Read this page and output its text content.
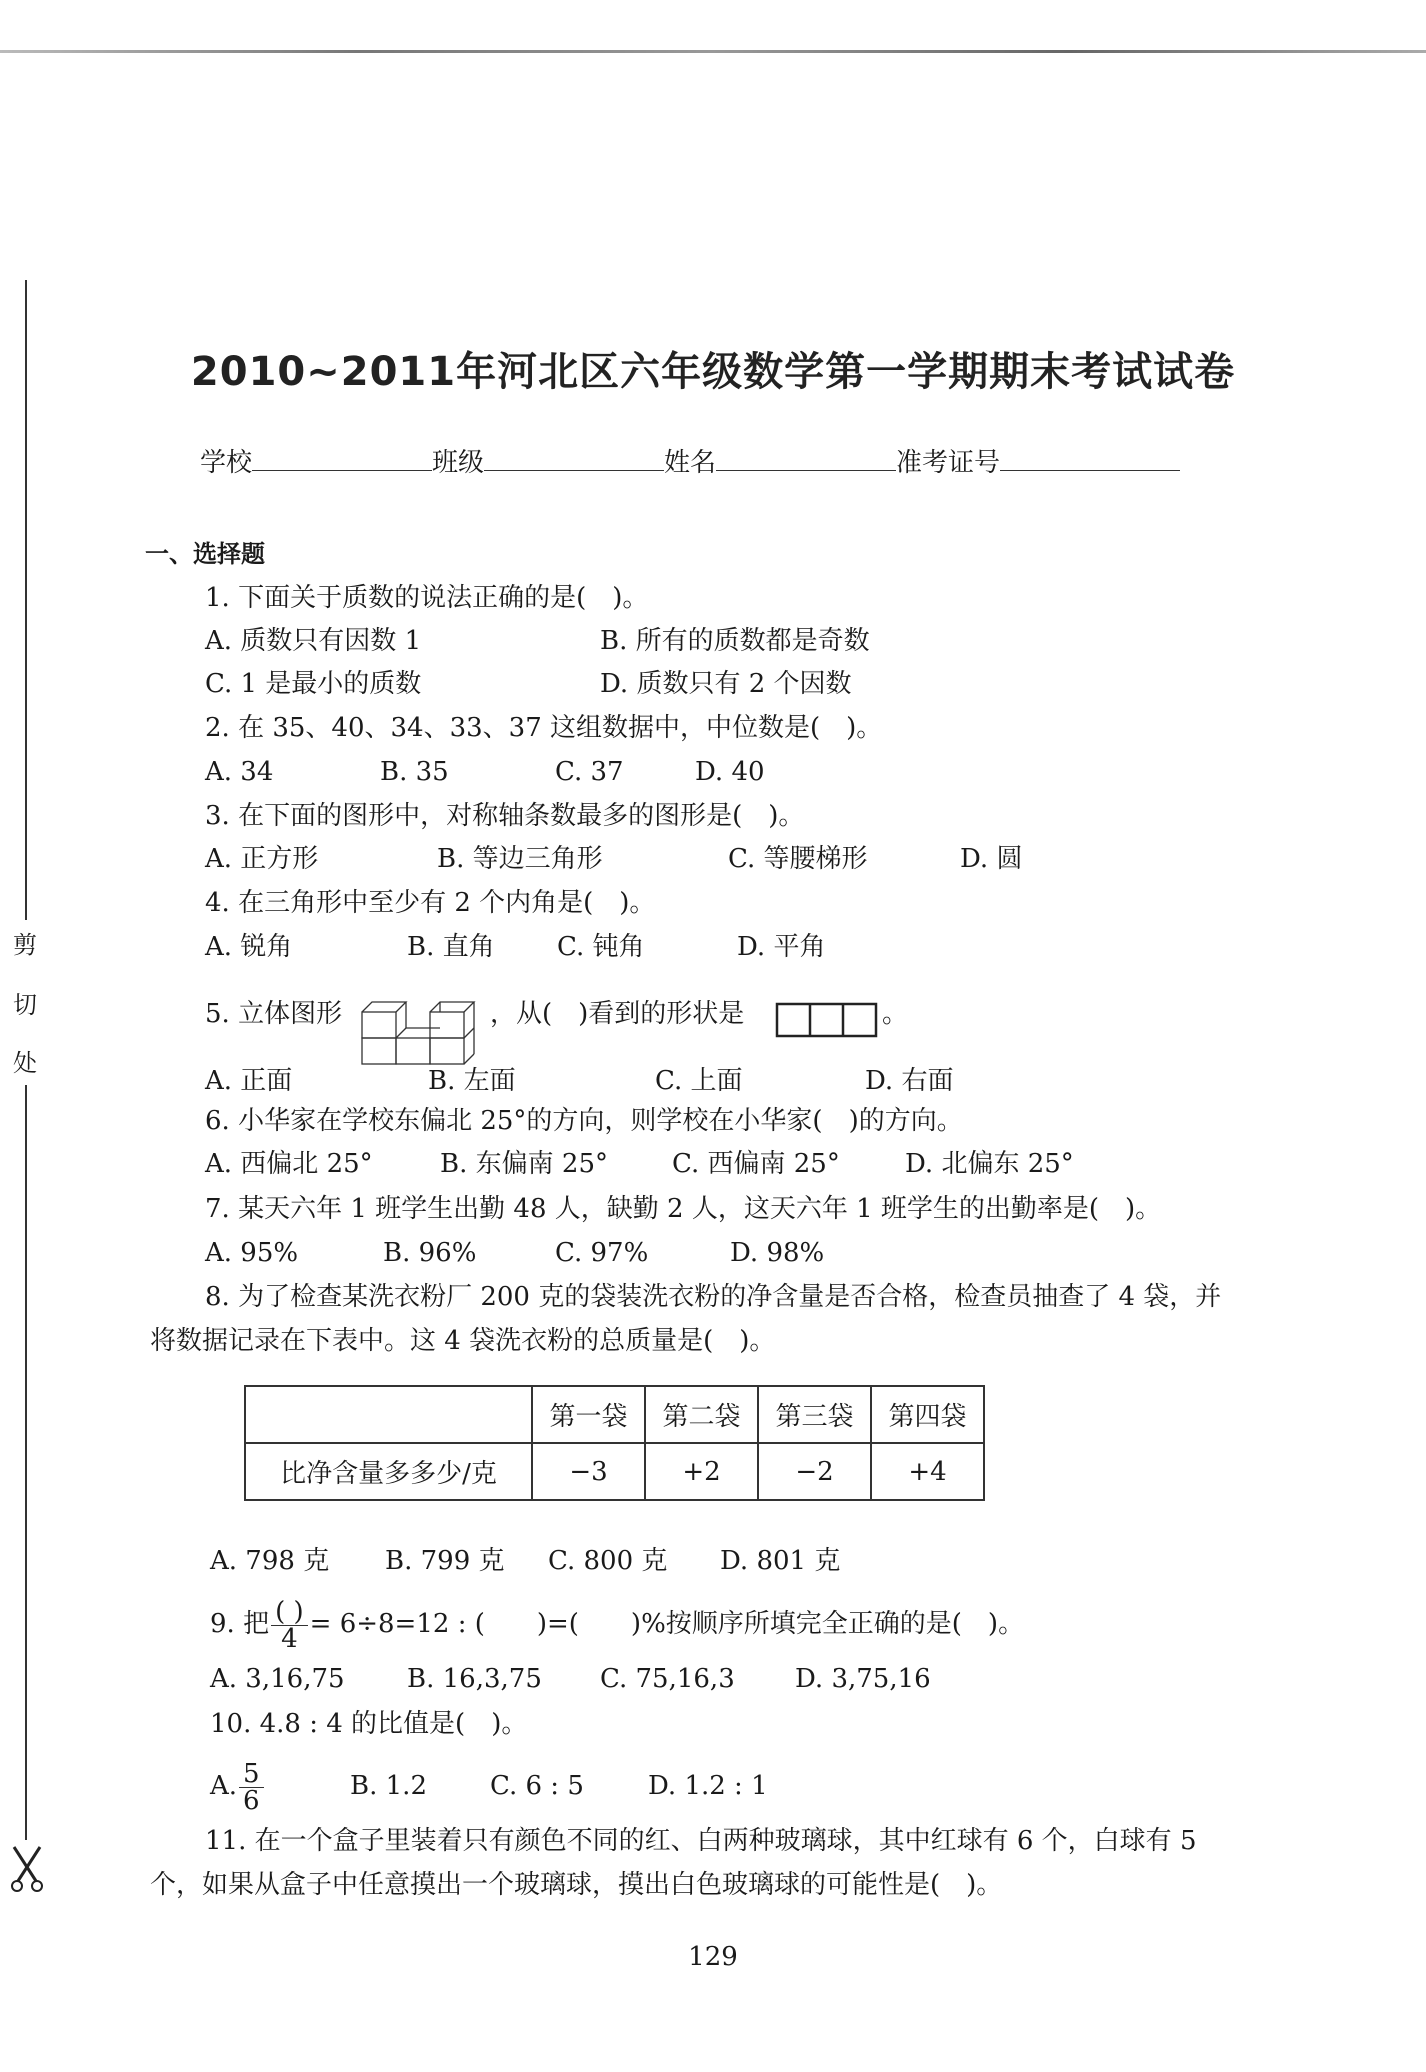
剪
切
处
2010~2011年河北区六年级数学第一学期期末考试试卷
学校	班级	姓名	准考证号
一、选择题
1. 下面关于质数的说法正确的是(　)。
A. 质数只有因数 1	B. 所有的质数都是奇数
C. 1 是最小的质数	D. 质数只有 2 个因数
2. 在 35、40、34、33、37 这组数据中，中位数是(　)。
A. 34	B. 35	C. 37	D. 40
3. 在下面的图形中，对称轴条数最多的图形是(　)。
A. 正方形	B. 等边三角形	C. 等腰梯形	D. 圆
4. 在三角形中至少有 2 个内角是(　)。
A. 锐角	B. 直角 C. 钝角	D. 平角
5. 立体图形	，从(　)看到的形状是	。
A. 正面	B. 左面	C. 上面	D. 右面
6. 小华家在学校东偏北 25°的方向，则学校在小华家(　)的方向。
A. 西偏北 25°	B. 东偏南 25° C. 西偏南 25°	D. 北偏东 25°
7. 某天六年 1 班学生出勤 48 人，缺勤 2 人，这天六年 1 班学生的出勤率是(　)。
A. 95%	B. 96%	C. 97%	D. 98%
8. 为了检查某洗衣粉厂 200 克的袋装洗衣粉的净含量是否合格，检查员抽查了 4 袋，并
将数据记录在下表中。这 4 袋洗衣粉的总质量是(　)。
	第一袋	第二袋	第三袋	第四袋
比净含量多多少/克	−3	+2	−2	+4
A. 798 克 B. 799 克 C. 800 克 D. 801 克
9. 把 $\frac{( )}{4} = 6\div 8=12$ : (　　)=(　　)%按顺序所填完全正确的是(　)。
A. 3,16,75 B. 16,3,75 C. 75,16,3 D. 3,75,16
10. 4.8 : 4 的比值是(　)。
A. $\frac{5}{6}$	B. 1.2 C. 6 : 5 D. 1.2 : 1
11. 在一个盒子里装着只有颜色不同的红、白两种玻璃球，其中红球有 6 个，白球有 5
个，如果从盒子中任意摸出一个玻璃球，摸出白色玻璃球的可能性是(　)。
129
